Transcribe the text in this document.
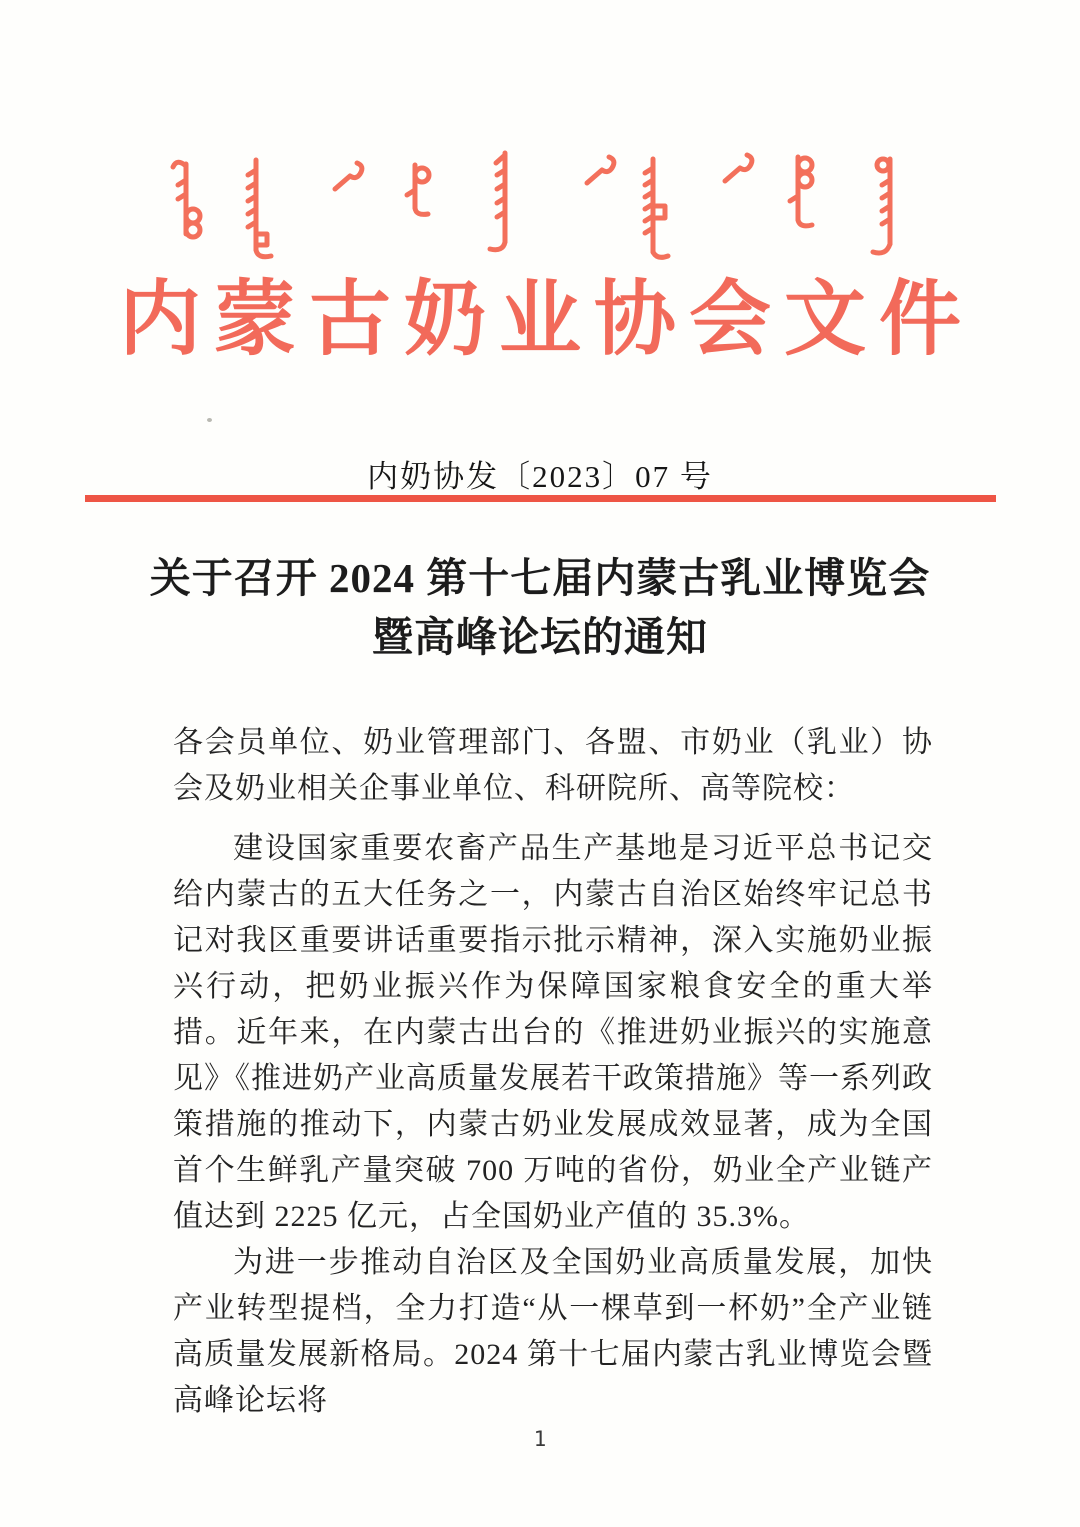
内蒙古奶业协会文件
内奶协发〔2023〕07 号
关于召开 2024 第十七届内蒙古乳业博览会
暨高峰论坛的通知

各会员单位、奶业管理部门、各盟、市奶业（乳业）协会及奶业相关企事业单位、科研院所、高等院校：

建设国家重要农畜产品生产基地是习近平总书记交给内蒙古的五大任务之一，内蒙古自治区始终牢记总书记对我区重要讲话重要指示批示精神，深入实施奶业振兴行动，把奶业振兴作为保障国家粮食安全的重大举措。近年来，在内蒙古出台的《推进奶业振兴的实施意见》《推进奶产业高质量发展若干政策措施》等一系列政策措施的推动下，内蒙古奶业发展成效显著，成为全国首个生鲜乳产量突破 700 万吨的省份，奶业全产业链产值达到 2225 亿元，占全国奶业产值的 35.3%。

为进一步推动自治区及全国奶业高质量发展，加快产业转型提档，全力打造“从一棵草到一杯奶”全产业链高质量发展新格局。2024 第十七届内蒙古乳业博览会暨高峰论坛将

1
